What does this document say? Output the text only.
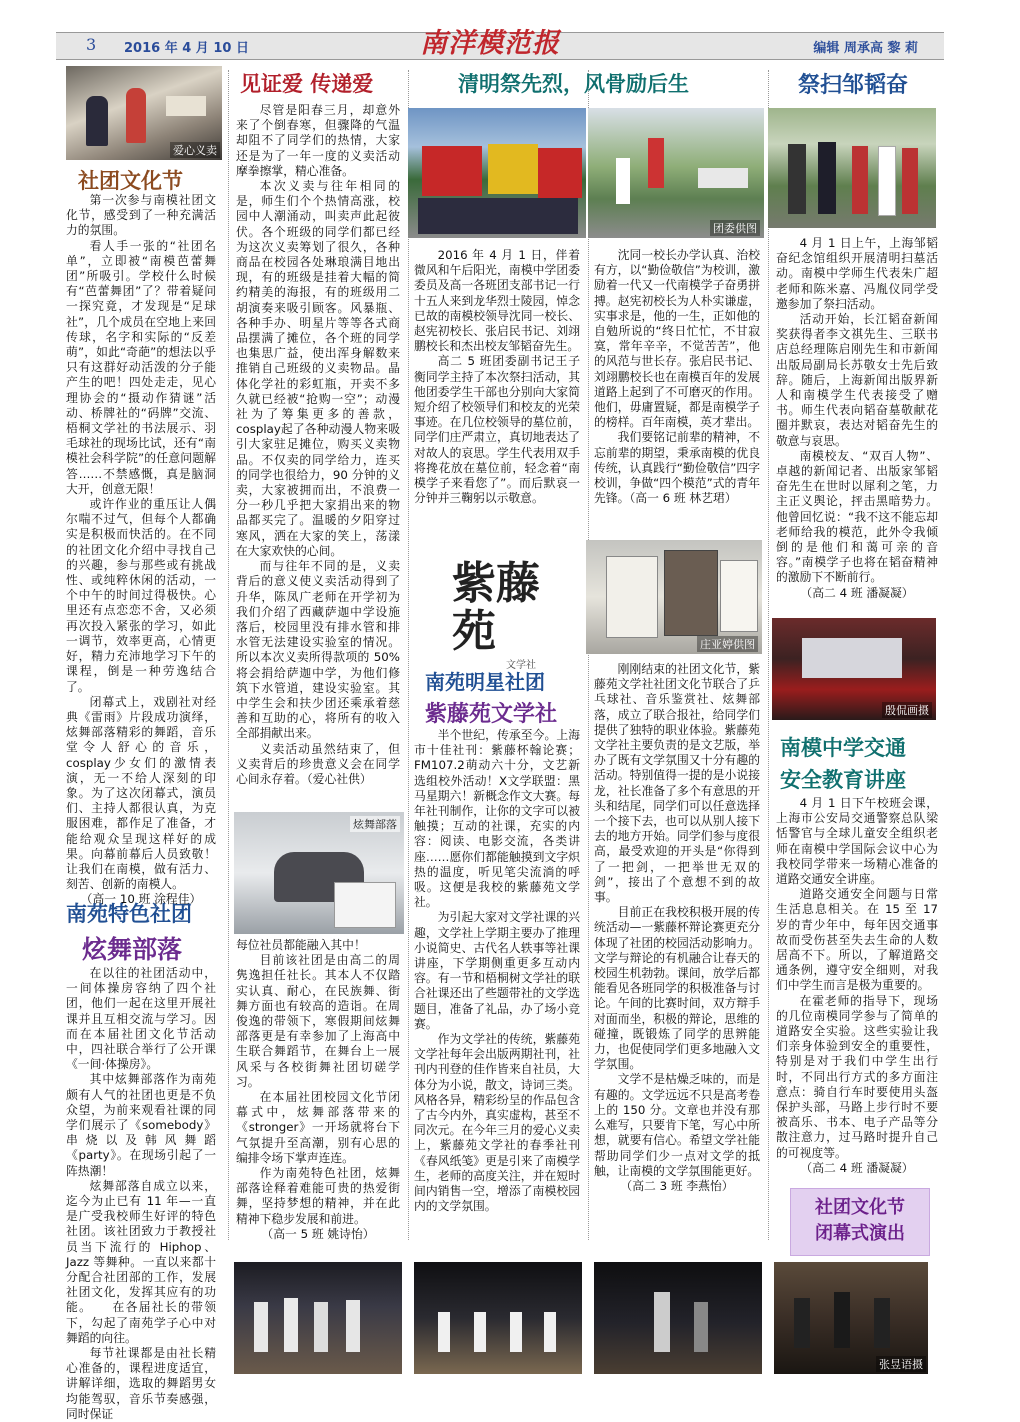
3 2016 年 4 月 10 日	编辑 周承高 黎 莉
南洋模范报
爱心义卖
社团文化节

第一次参与南模社团文化节，感受到了一种充满活力的氛围。

看人手一张的“社团名单”，立即被“南模芭蕾舞团”所吸引。学校什么时候有“芭蕾舞团”了？带着疑问一探究竟，才发现是“足球社”，几个成员在空地上来回传球，名字和实际的“反差萌”，如此“奇葩”的想法以乎只有这群好动活泼的分子能产生的吧！四处走走，见心理协会的“摄动作猜谜”活动、桥牌社的“码牌”交流、梧桐文学社的书法展示、羽毛球社的现场比试，还有“南模社会科学院”的任意问题解答……不禁感慨，真是脑洞大开，创意无限！

或许作业的重压让人偶尔喘不过气，但每个人都确实是积极而快活的。在不同的社团文化介绍中寻找自己的兴趣，参与那些或有挑战性、或纯粹休闲的活动，一个中午的时间过得极快。心里还有点恋恋不舍，又必须再次投入紧张的学习，如此一调节，效率更高，心情更好，精力充沛地学习下午的课程，倒是一种劳逸结合了。

闭幕式上，戏剧社对经典《雷雨》片段成功演绎，炫舞部落精彩的舞蹈，音乐堂令人舒心的音乐，cosplay少女们的激情表演，无一不给人深刻的印象。为了这次闭幕式，演员们、主持人都很认真，为克服困难，都作足了准备，才能给观众呈现这样好的成果。向幕前幕后人员致敬！让我们在南模，做有活力、刻苦、创新的南模人。

（高一 10 班 涂程佳）

南苑特色社团
炫舞部落

在以往的社团活动中，一间体操房容纳了四个社团，他们一起在这里开展社课并且互相交流与学习。因而在本届社团文化节活动中，四社联合举行了公开课《一间·体操房》。

其中炫舞部落作为南苑颇有人气的社团也更是不负众望，为前来观看社课的同学们展示了《somebody》串烧以及韩风舞蹈《party》。在现场引起了一阵热潮！

炫舞部落自成立以来，迄今为止已有 11 年—一直是广受我校师生好评的特色社团。该社团致力于教授社员当下流行的 Hiphop、Jazz 等舞种。一直以来都十分配合社团部的工作，发展社团文化，发挥其应有的功能。　　在各届社长的带领下，勾起了南苑学子心中对舞蹈的向往。

每节社课都是由社长精心准备的，课程进度适宜，讲解详细，选取的舞蹈男女均能驾驭，音乐节奏感强，同时保证

见证爱 传递爱

尽管是阳春三月，却意外来了个倒春寒，但骤降的气温却阻不了同学们的热情，大家还是为了一年一度的义卖活动摩拳擦掌，精心准备。

本次义卖与往年相同的是，师生们个个热情高涨，校园中人潮涌动，叫卖声此起彼伏。各个班级的同学们都已经为这次义卖筹划了很久，各种商品在校园各处琳琅满目地出现，有的班级是挂着大幅的简约精美的海报，有的班级用二胡演奏来吸引顾客。风暴瓶、各种手办、明星片等等各式商品摆满了摊位，各个班的同学也集思广益，使出浑身解数来推销自己班级的义卖物品。晶体化学社的彩虹瓶，开卖不多久就已经被“抢购一空”；动漫社为了筹集更多的善款，cosplay起了各种动漫人物来吸引大家驻足摊位，购买义卖物品。不仅卖的同学给力，连买的同学也很给力，90 分钟的义卖，大家被拥而出，不浪费一分一秒几乎把大家捐出来的物品都买完了。温暖的夕阳穿过寒风，洒在大家的笑上，荡漾在大家欢快的心间。

而与往年不同的是，义卖背后的意义使义卖活动得到了升华，陈凤广老师在开学初为我们介绍了西藏萨迦中学设施落后，校园里没有排水管和排水管无法建设实验室的情况。所以本次义卖所得款项的 50%将会捐给萨迦中学，为他们修筑下水管道，建设实验室。其中学生会和扶少团还乘承着慈善和互助的心，将所有的收入全部捐献出来。

义卖活动虽然结束了，但义卖背后的珍贵意义会在同学心间永存着。（爱心社供）

炫舞部落

每位社员都能融入其中！

目前该社团是由高二的周隽逸担任社长。其本人不仅踏实认真、耐心，在民族舞、街舞方面也有较高的造诣。在周俊逸的带领下，寒假期间炫舞部落更是有幸参加了上海高中生联合舞蹈节，在舞台上一展风采与各校街舞社团切磋学习。

在本届社团校园文化节闭幕式中，炫舞部落带来的《stronger》一开场就将台下气氛提升至高潮，别有心思的编排令场下掌声连连。

作为南苑特色社团，炫舞部落诠释着难能可贵的热爱街舞，坚持梦想的精神，并在此精神下稳步发展和前进。

（高一 5 班 姚诗怡）

清明祭先烈，风骨励后生
团委供图

2016 年 4 月 1 日，伴着微风和午后阳光，南模中学团委委员及高一各班团支部书记一行十五人来到龙华烈士陵园，悼念已故的南模校领导沈同一校长、赵宪初校长、张启民书记、刘翊鹏校长和杰出校友邹韬奋先生。

高二 5 班团委副书记王子衡同学主持了本次祭扫活动，其他团委学生干部也分别向大家简短介绍了校领导们和校友的光荣事迹。在几位校领导的墓位前，同学们庄严肃立，真切地表达了对故人的哀思。学生代表用双手将搀花放在墓位前，轻念着“南模学子来看您了”。而后默哀一分钟并三鞠躬以示敬意。

紫藤苑
文学社
南苑明星社团
紫藤苑文学社

半个世纪，传承至今。上海市十佳社刊：紫藤杯翰论赛；FM107.2萌动六十分，文艺新选组校外活动！X文学联盟：黑马星期六！新概念作文大赛。每年社刊制作，让你的文字可以被触摸；互动的社课，充实的内容：阅读、电影交流，各类讲座……愿你们都能触摸到文字炽热的温度，听见笔尖流淌的呼吸。这便是我校的紫藤苑文学社。

为引起大家对文学社课的兴趣，文学社上学期主要办了推理小说简史、古代名人轶事等社课讲座，下学期侧重更多互动内容。有一节和梧桐树文学社的联合社课还出了些题带社的文学选题目，准备了礼品，办了场小竞赛。

作为文学社的传统，紫藤苑文学社每年会出版两期社刊，社刊内刊登的佳作皆来自社员，大体分为小说，散文，诗词三类。风格各异，精彩纷呈的作品包含了古今内外，真实虚构，甚至不同次元。在今年三月的爱心义卖上，紫藤苑文学社的春季社刊《春风纸笺》更是引来了南模学生，老师的高度关注，并在短时间内销售一空，增添了南模校园内的文学氛围。

沈同一校长办学认真、治校有方，以“勤俭敬信”为校训，激励着一代又一代南模学子奋勇拼搏。赵宪初校长为人朴实谦虚，实事求是，他的一生，正如他的自勉所说的“终日忙忙，不甘寂寞，常年辛辛，不觉苦苦”，他的风范与世长存。张启民书记、刘翊鹏校长也在南模百年的发展道路上起到了不可磨灭的作用。他们，毋庸置疑，都是南模学子的榜样。百年南模，英才辈出。

我们要铭记前辈的精神，不忘前辈的期望，秉承南模的优良传统，认真践行“勤俭敬信”四字校训，争做“四个模范”式的青年先锋。（高一 6 班 林艺珺）

庄亚婷供图

刚刚结束的社团文化节，紫藤苑文学社社团文化节联合了乒乓球社、音乐鉴赏社、炫舞部落，成立了联合报社，给同学们提供了独特的职业体验。紫藤苑文学社主要负责的是文艺版，举办了既有文学氛围又十分有趣的活动。特别值得一提的是小说接龙，社长准备了多个有意思的开头和结尾，同学们可以任意选择一个接下去，也可以从别人接下去的地方开始。同学们参与度很高，最受欢迎的开头是“你得到了一把剑，一把举世无双的剑”，接出了个意想不到的故事。

目前正在我校积极开展的传统活动—一紫藤杯辩论赛更充分体现了社团的校园活动影响力。文学与辩论的有机融合让春天的校园生机勃勃。课间，放学后都能看见各班同学的积极准备与讨论。午间的比赛时间，双方辩手对面而坐，积极的辩论，思维的碰撞，既锻炼了同学的思辨能力，也促使同学们更多地融入文学氛围。

文学不是枯燥乏味的，而是有趣的。文学远远不只是高考卷上的 150 分。文章也并没有那么难写，只要肯下笔，写心中所想，就要有信心。希望文学社能帮助同学们少一点对文学的抵触，让南模的文学氛围能更好。

（高二 3 班 李燕怡）

祭扫邹韬奋

4 月 1 日上午，上海邹韬奋纪念馆组织开展清明扫墓活动。南模中学师生代表朱广超老师和陈米嘉、冯胤仪同学受邀参加了祭扫活动。

活动开始，长江韬奋新闻奖获得者李文祺先生、三联书店总经理陈启刚先生和市新闻出版局副局长苏敬女士先后致辞。随后，上海新闻出版界新人和南模学生代表接受了赠书。师生代表向韬奋墓敬献花圈并默哀，表达对韬奋先生的敬意与哀思。

南模校友、“双百人物”、卓越的新闻记者、出版家邹韬奋先生在世时以犀利之笔，力主正义舆论，抨击黑暗势力。他曾回忆说：“我不这不能忘却老师给我的模范，此外令我倾倒的是他们和蔼可亲的音容。”南模学子也将在韬奋精神的激励下不断前行。

（高二 4 班 潘凝凝）

殷侃画摄
南模中学交通
安全教育讲座

4 月 1 日下午校班会课，上海市公安局交通警察总队梁恬警官与全球儿童安全组织老师在南模中学国际会议中心为我校同学带来一场精心准备的道路交通安全讲座。

道路交通安全问题与日常生活息息相关。在 15 至 17 岁的青少年中，每年因交通事故而受伤甚至失去生命的人数居高不下。所以，了解道路交通条例，遵守安全细则，对我们中学生而言是极为重要的。

在霍老师的指导下，现场的几位南模同学参与了简单的道路安全实验。这些实验让我们亲身体验到安全的重要性，特别是对于我们中学生出行时，不同出行方式的多方面注意点：骑自行车时要使用头盔保护头部，马路上步行时不要被高乐、书本、电子产品等分散注意力，过马路时提升自己的可视度等。

（高二 4 班 潘凝凝）

社团文化节
闭幕式演出
张昱语摄
